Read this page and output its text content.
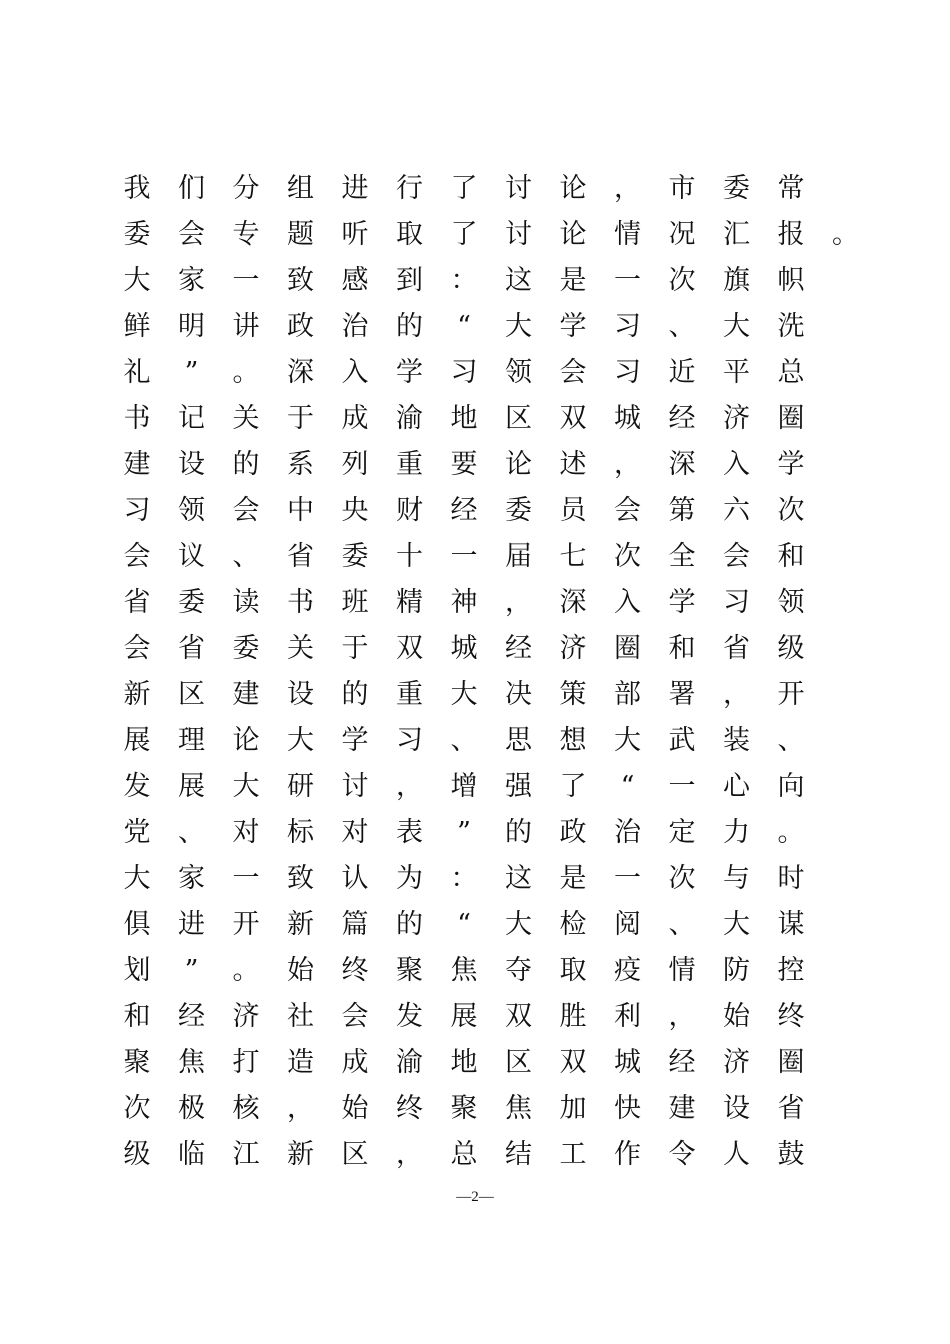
我	们	分	组	进	行	了	讨	论	，	市	委	常
委	会	专	题	听	取	了	讨	论	情	况	汇	报	。
大	家	一	致	感	到	：	这	是	一	次	旗	帜
鲜	明	讲	政	治	的	“	大	学	习	、	大	洗
礼	”	。	深	入	学	习	领	会	习	近	平	总
书	记	关	于	成	渝	地	区	双	城	经	济	圈
建	设	的	系	列	重	要	论	述	，	深	入	学
习	领	会	中	央	财	经	委	员	会	第	六	次
会	议	、	省	委	十	一	届	七	次	全	会	和
省	委	读	书	班	精	神	，	深	入	学	习	领
会	省	委	关	于	双	城	经	济	圈	和	省	级
新	区	建	设	的	重	大	决	策	部	署	，	开
展	理	论	大	学	习	、	思	想	大	武	装	、
发	展	大	研	讨	，	增	强	了	“	一	心	向
党	、	对	标	对	表	”	的	政	治	定	力	。
大	家	一	致	认	为	：	这	是	一	次	与	时
俱	进	开	新	篇	的	“	大	检	阅	、	大	谋
划	”	。	始	终	聚	焦	夺	取	疫	情	防	控
和	经	济	社	会	发	展	双	胜	利	，	始	终
聚	焦	打	造	成	渝	地	区	双	城	经	济	圈
次	极	核	，	始	终	聚	焦	加	快	建	设	省
级	临	江	新	区	，	总	结	工	作	令	人	鼓
—2—
